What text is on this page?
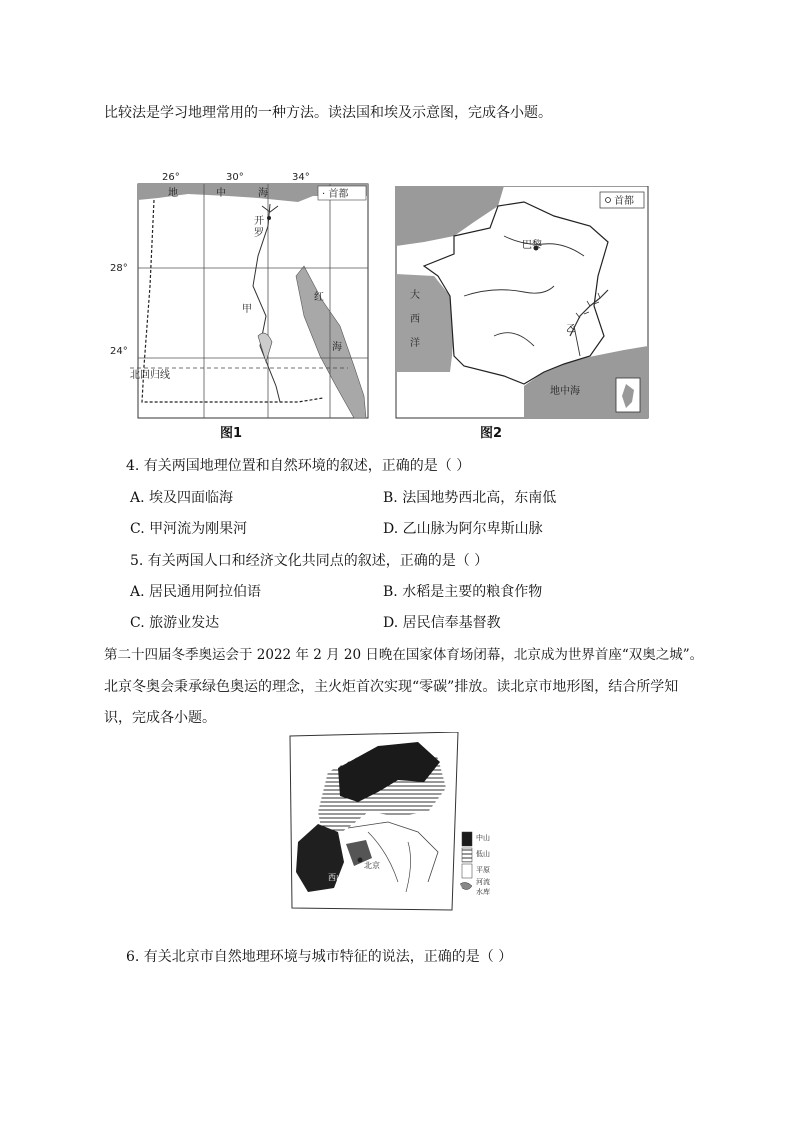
比较法是学习地理常用的一种方法。读法国和埃及示意图，完成各小题。
· 首都
26°	30°	34°
28°
24°
地	中	海
红
海
开
罗
甲
北回归线
图1
首都
巴黎
大
西
洋
地中海
乙
图2
4. 有关两国地理位置和自然环境的叙述，正确的是（ ）
A. 埃及四面临海	B. 法国地势西北高，东南低
C. 甲河流为刚果河	D. 乙山脉为阿尔卑斯山脉
5. 有关两国人口和经济文化共同点的叙述，正确的是（ ）
A. 居民通用阿拉伯语	B. 水稻是主要的粮食作物
C. 旅游业发达	D. 居民信奉基督教
第二十四届冬季奥运会于 2022 年 2 月 20 日晚在国家体育场闭幕，北京成为世界首座“双奥之城”。
北京冬奥会秉承绿色奥运的理念，主火炬首次实现“零碳”排放。读北京市地形图，结合所学知
识，完成各小题。
中山
低山
平原
河流
水库
北京
西山
6. 有关北京市自然地理环境与城市特征的说法，正确的是（ ）
